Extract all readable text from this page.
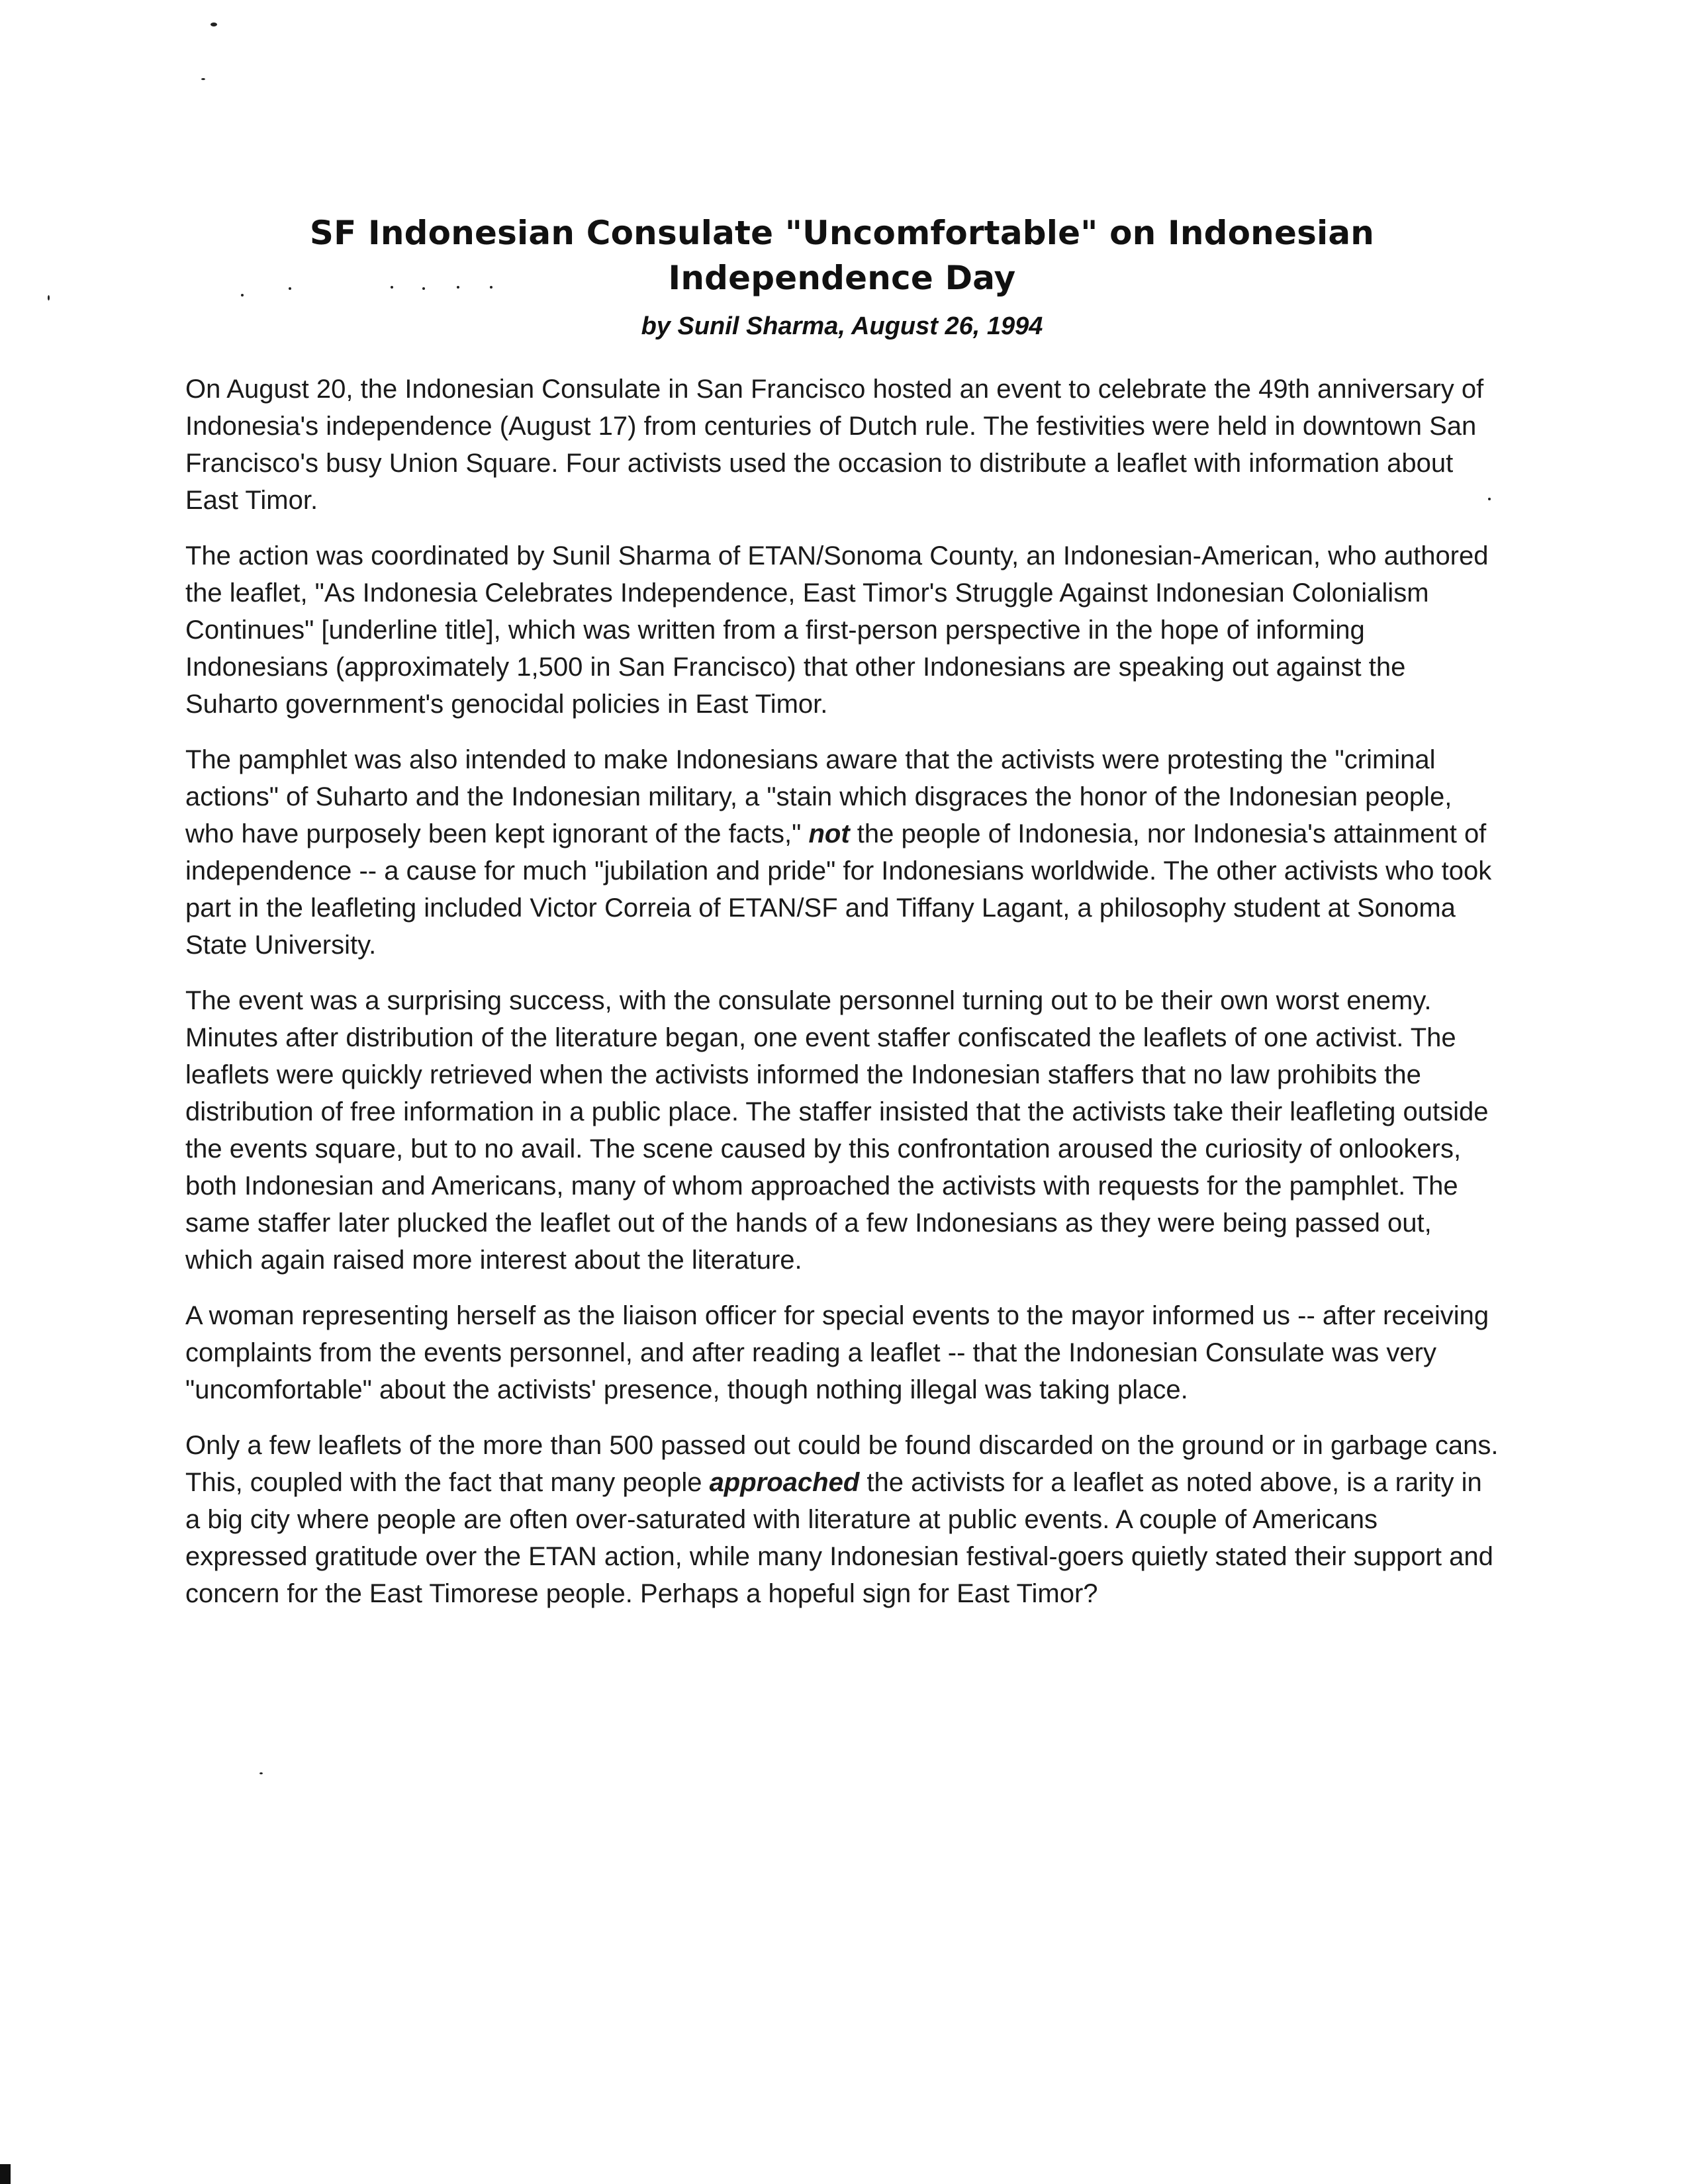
SF Indonesian Consulate "Uncomfortable" on Indonesian Independence Day

by Sunil Sharma, August 26, 1994

On August 20, the Indonesian Consulate in San Francisco hosted an event to celebrate the 49th anniversary of Indonesia's independence (August 17) from centuries of Dutch rule. The festivities were held in downtown San Francisco's busy Union Square. Four activists used the occasion to distribute a leaflet with information about East Timor.

The action was coordinated by Sunil Sharma of ETAN/Sonoma County, an Indonesian-American, who authored the leaflet, "As Indonesia Celebrates Independence, East Timor's Struggle Against Indonesian Colonialism Continues" [underline title], which was written from a first-person perspective in the hope of informing Indonesians (approximately 1,500 in San Francisco) that other Indonesians are speaking out against the Suharto government's genocidal policies in East Timor.

The pamphlet was also intended to make Indonesians aware that the activists were protesting the "criminal actions" of Suharto and the Indonesian military, a "stain which disgraces the honor of the Indonesian people, who have purposely been kept ignorant of the facts," not the people of Indonesia, nor Indonesia's attainment of independence -- a cause for much "jubilation and pride" for Indonesians worldwide. The other activists who took part in the leafleting included Victor Correia of ETAN/SF and Tiffany Lagant, a philosophy student at Sonoma State University.

The event was a surprising success, with the consulate personnel turning out to be their own worst enemy. Minutes after distribution of the literature began, one event staffer confiscated the leaflets of one activist. The leaflets were quickly retrieved when the activists informed the Indonesian staffers that no law prohibits the distribution of free information in a public place. The staffer insisted that the activists take their leafleting outside the events square, but to no avail. The scene caused by this confrontation aroused the curiosity of onlookers, both Indonesian and Americans, many of whom approached the activists with requests for the pamphlet. The same staffer later plucked the leaflet out of the hands of a few Indonesians as they were being passed out, which again raised more interest about the literature.

A woman representing herself as the liaison officer for special events to the mayor informed us -- after receiving complaints from the events personnel, and after reading a leaflet -- that the Indonesian Consulate was very "uncomfortable" about the activists' presence, though nothing illegal was taking place.

Only a few leaflets of the more than 500 passed out could be found discarded on the ground or in garbage cans. This, coupled with the fact that many people approached the activists for a leaflet as noted above, is a rarity in a big city where people are often over-saturated with literature at public events. A couple of Americans expressed gratitude over the ETAN action, while many Indonesian festival-goers quietly stated their support and concern for the East Timorese people. Perhaps a hopeful sign for East Timor?
